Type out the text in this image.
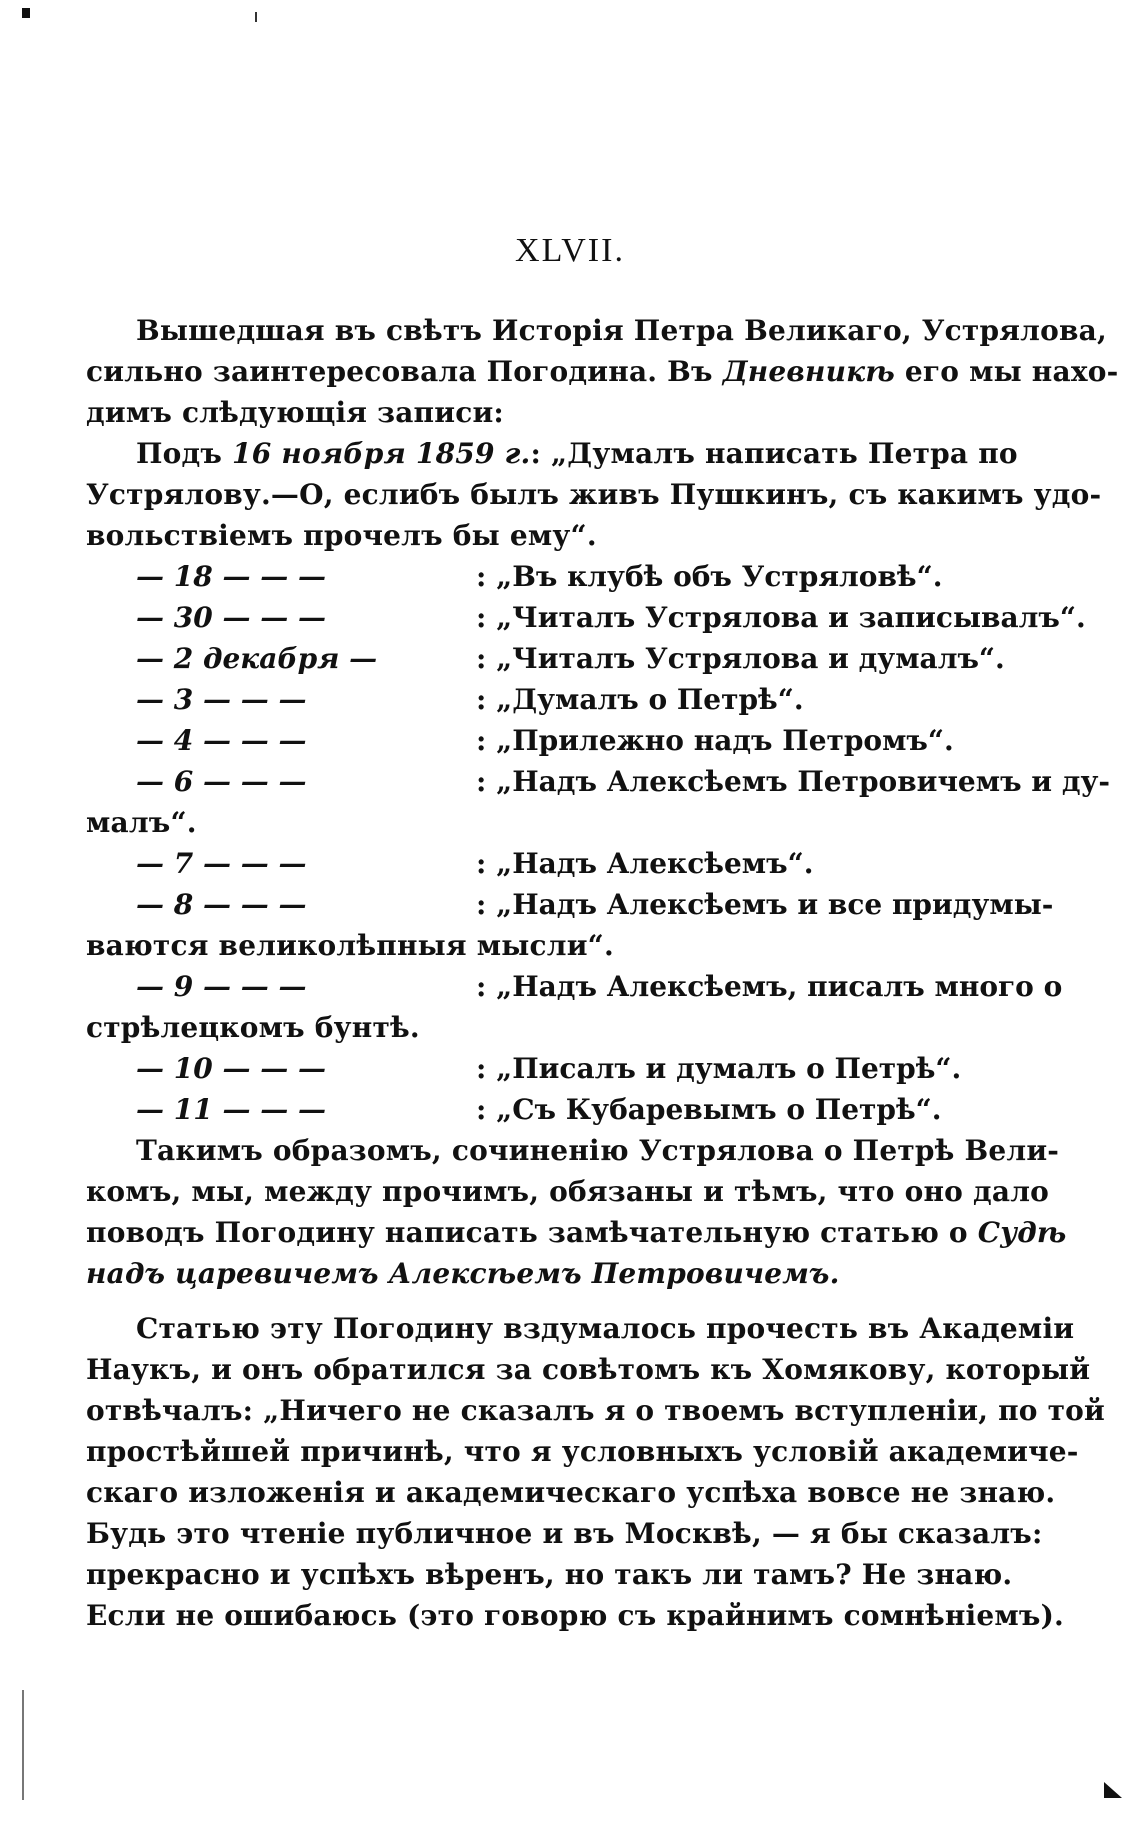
XLVII.
Вышедшая въ свѣтъ Исторія Петра Великаго, Устрялова,
сильно заинтересовала Погодина. Въ Дневникѣ его мы нахо-
димъ слѣдующія записи:
Подъ 16 ноября 1859 г.: „Думалъ написать Петра по
Устрялову.—О, еслибъ былъ живъ Пушкинъ, съ какимъ удо-
вольствіемъ прочелъ бы ему“.
— 18 — — —	: „Въ клубѣ объ Устряловѣ“.
— 30 — — —	: „Читалъ Устрялова и записывалъ“.
— 2 декабря —	: „Читалъ Устрялова и думалъ“.
— 3 — — —	: „Думалъ о Петрѣ“.
— 4 — — —	: „Прилежно надъ Петромъ“.
— 6 — — —	: „Надъ Алексѣемъ Петровичемъ и ду-
малъ“.
— 7 — — —	: „Надъ Алексѣемъ“.
— 8 — — —	: „Надъ Алексѣемъ и все придумы-
ваются великолѣпныя мысли“.
— 9 — — —	: „Надъ Алексѣемъ, писалъ много о
стрѣлецкомъ бунтѣ.
— 10 — — —	: „Писалъ и думалъ о Петрѣ“.
— 11 — — —	: „Съ Кубаревымъ о Петрѣ“.
Такимъ образомъ, сочиненію Устрялова о Петрѣ Вели-
комъ, мы, между прочимъ, обязаны и тѣмъ, что оно дало
поводъ Погодину написать замѣчательную статью о Судѣ
надъ царевичемъ Алексѣемъ Петровичемъ.
Статью эту Погодину вздумалось прочесть въ Академіи
Наукъ, и онъ обратился за совѣтомъ къ Хомякову, который
отвѣчалъ: „Ничего не сказалъ я о твоемъ вступленіи, по той
простѣйшей причинѣ, что я условныхъ условій академиче-
скаго изложенія и академическаго успѣха вовсе не знаю.
Будь это чтеніе публичное и въ Москвѣ, — я бы сказалъ:
прекрасно и успѣхъ вѣренъ, но такъ ли тамъ? Не знаю.
Если не ошибаюсь (это говорю съ крайнимъ сомнѣніемъ).
